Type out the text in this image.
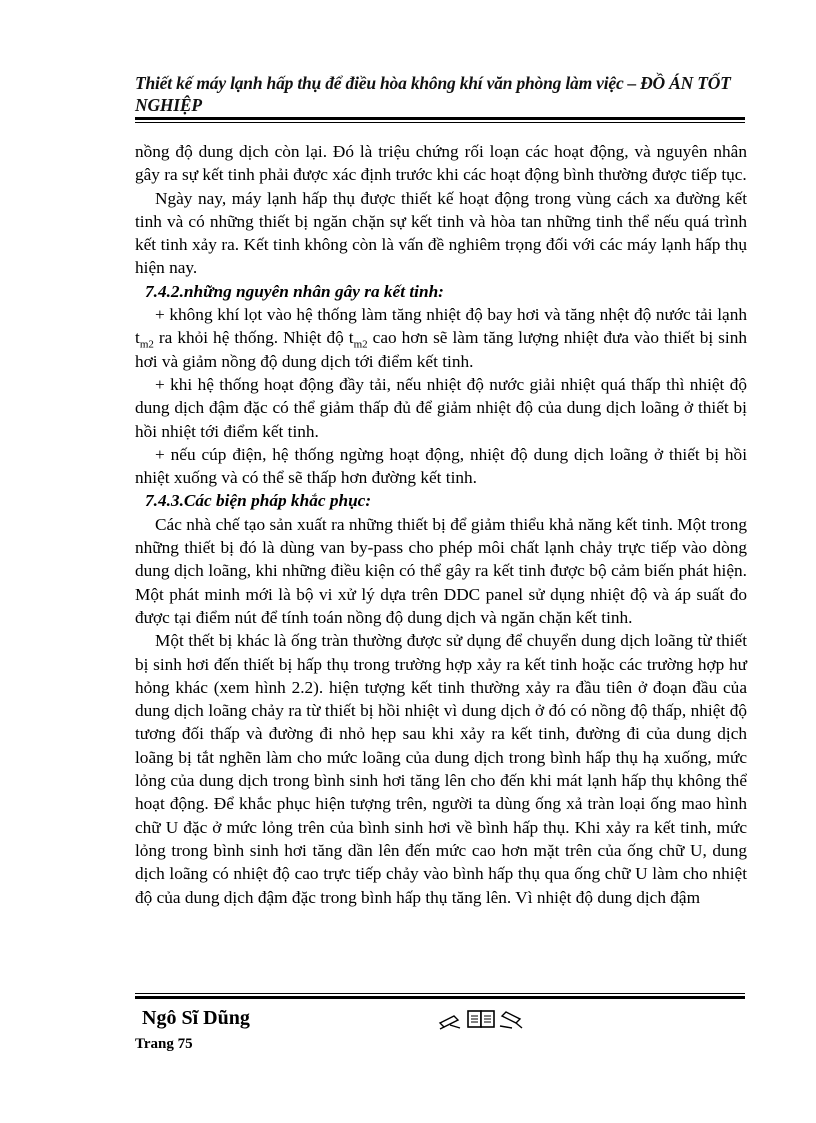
Thiết kế máy lạnh hấp thụ để điều hòa không khí văn phòng làm việc – ĐỒ ÁN TỐT NGHIỆP

nồng độ dung dịch còn lại. Đó là triệu chứng rối loạn các hoạt động, và nguyên nhân gây ra sự kết tinh phải được xác định trước khi các hoạt động bình thường được tiếp tục.

Ngày nay, máy lạnh hấp thụ được thiết kế hoạt động trong vùng cách xa đường kết tinh và có những thiết bị ngăn chặn sự kết tinh và hòa tan những tinh thể nếu quá trình kết tinh xảy ra. Kết tinh không còn là vấn đề nghiêm trọng đối với các máy lạnh hấp thụ hiện nay.

7.4.2.những nguyên nhân gây ra kết tinh:

+ không khí lọt vào hệ thống làm tăng nhiệt độ bay hơi và tăng nhệt độ nước tải lạnh $t_{m2}$ ra khỏi hệ thống. Nhiệt độ $t_{m2}$ cao hơn sẽ làm tăng lượng nhiệt đưa vào thiết bị sinh hơi và giảm nồng độ dung dịch tới điểm kết tinh.

+ khi hệ thống hoạt động đầy tải, nếu nhiệt độ nước giải nhiệt quá thấp thì nhiệt độ dung dịch đậm đặc có thể giảm thấp đủ để giảm nhiệt độ của dung dịch loãng ở thiết bị hồi nhiệt tới điểm kết tinh.

+ nếu cúp điện, hệ thống ngừng hoạt động, nhiệt độ dung dịch loãng ở thiết bị hồi nhiệt xuống và có thể sẽ thấp hơn đường kết tinh.

7.4.3.Các biện pháp khắc phục:

Các nhà chế tạo sản xuất ra những thiết bị để giảm thiểu khả năng kết tinh. Một trong những thiết bị đó là dùng van by-pass cho phép môi chất lạnh chảy trực tiếp vào dòng dung dịch loãng, khi những điều kiện có thể gây ra kết tinh được bộ cảm biến phát hiện. Một phát minh mới là bộ vi xử lý dựa trên DDC panel sử dụng nhiệt độ và áp suất đo được tại điểm nút để tính toán nồng độ dung dịch và ngăn chặn kết tinh.

Một thết bị khác là ống tràn thường được sử dụng để chuyển dung dịch loãng từ thiết bị sinh hơi đến thiết bị hấp thụ trong trường hợp xảy ra kết tinh hoặc các trường hợp hư hỏng khác (xem hình 2.2). hiện tượng kết tinh thường xảy ra đầu tiên ở đoạn đầu của dung dịch loãng chảy ra từ thiết bị hồi nhiệt vì dung dịch ở đó có nồng độ thấp, nhiệt độ tương đối thấp và đường đi nhỏ hẹp sau khi xảy ra kết tinh, đường đi của dung dịch loãng bị tắt nghẽn làm cho mức loãng của dung dịch trong bình hấp thụ hạ xuống, mức lỏng của dung dịch trong bình sinh hơi tăng lên cho đến khi mát lạnh hấp thụ không thể hoạt động. Để khắc phục hiện tượng trên, người ta dùng ống xả tràn loại ống mao hình chữ U đặc ở mức lỏng trên của bình sinh hơi về bình hấp thụ. Khi xảy ra kết tinh, mức lỏng trong bình sinh hơi tăng dần lên đến mức cao hơn mặt trên của ống chữ U, dung dịch loãng có nhiệt độ cao trực tiếp chảy vào bình hấp thụ qua ống chữ U làm cho nhiệt độ của dung dịch đậm đặc trong bình hấp thụ tăng lên. Vì nhiệt độ dung dịch đậm

Ngô Sĩ Dũng
Trang 75
